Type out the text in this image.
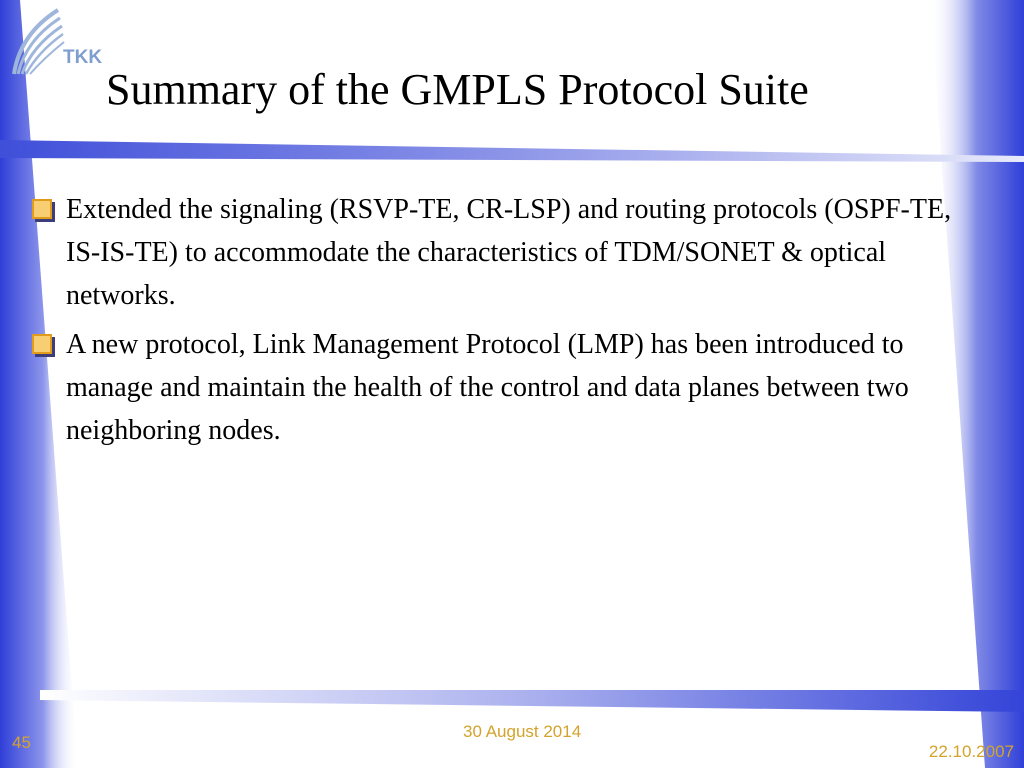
TKK
Summary of the GMPLS Protocol Suite
Extended the signaling (RSVP-TE, CR-LSP) and routing protocols (OSPF-TE, IS-IS-TE) to accommodate the characteristics of TDM/SONET & optical networks.
A new protocol, Link Management Protocol (LMP) has been introduced to manage and maintain the health of the control and data planes between two neighboring nodes.
30 August 2014
45	22.10.2007
